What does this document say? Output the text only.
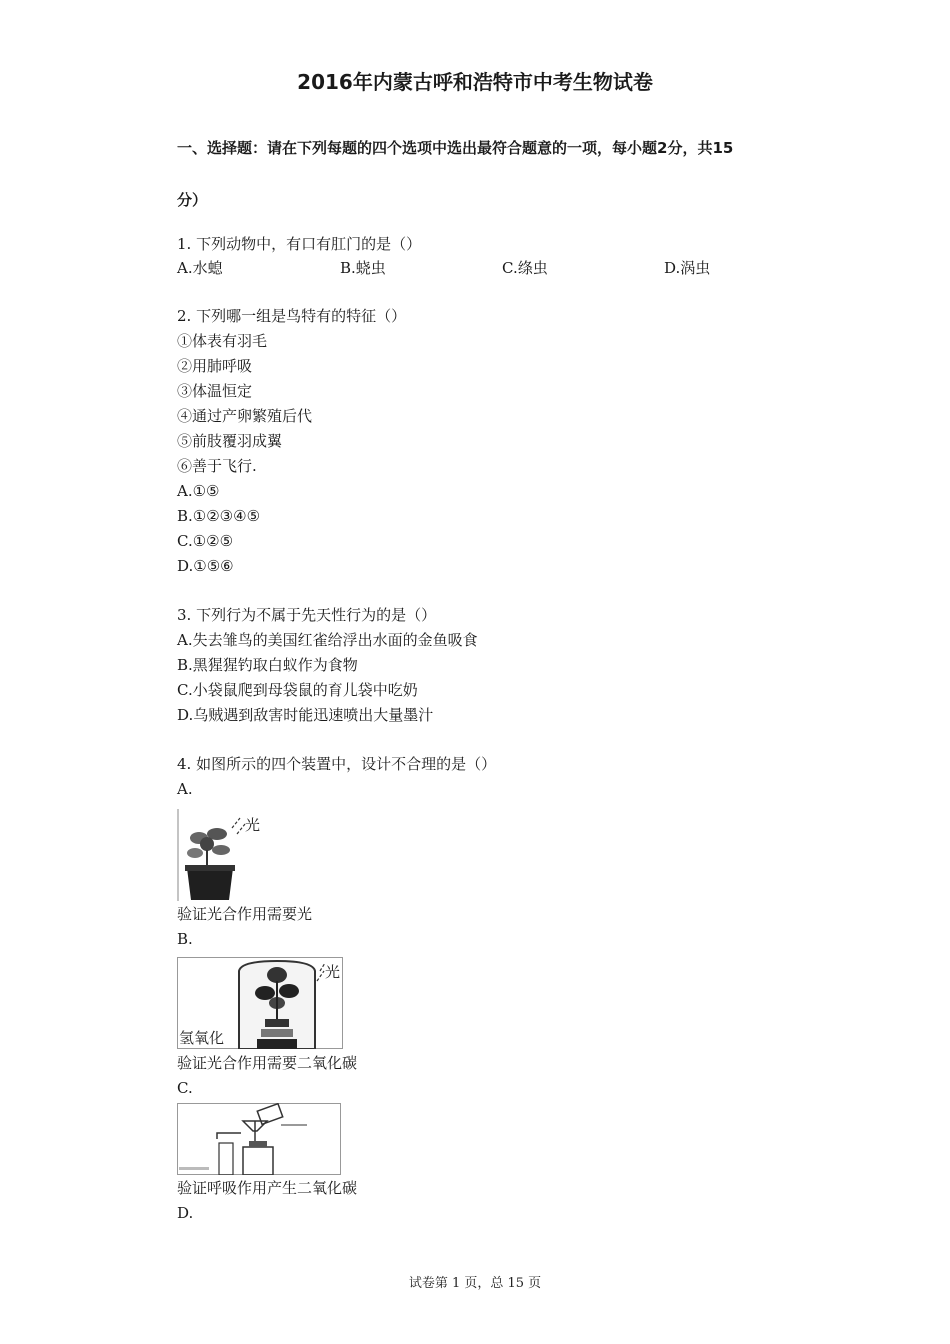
2016年内蒙古呼和浩特市中考生物试卷
一、选择题：请在下列每题的四个选项中选出最符合题意的一项，每小题2分，共15
分）
1. 下列动物中，有口有肛门的是（）
A.水螅	B.蛲虫	C.绦虫	D.涡虫
2. 下列哪一组是鸟特有的特征（）
①体表有羽毛
②用肺呼吸
③体温恒定
④通过产卵繁殖后代
⑤前肢覆羽成翼
⑥善于飞行.
A.①⑤
B.①②③④⑤
C.①②⑤
D.①⑤⑥
3. 下列行为不属于先天性行为的是（）
A.失去雏鸟的美国红雀给浮出水面的金鱼吸食
B.黑猩猩钓取白蚁作为食物
C.小袋鼠爬到母袋鼠的育儿袋中吃奶
D.乌贼遇到敌害时能迅速喷出大量墨汁
4. 如图所示的四个装置中，设计不合理的是（）
A.
光
验证光合作用需要光
B.
光
氢氧化
验证光合作用需要二氧化碳
C.
验证呼吸作用产生二氧化碳
D.
试卷第 1 页，总 15 页
